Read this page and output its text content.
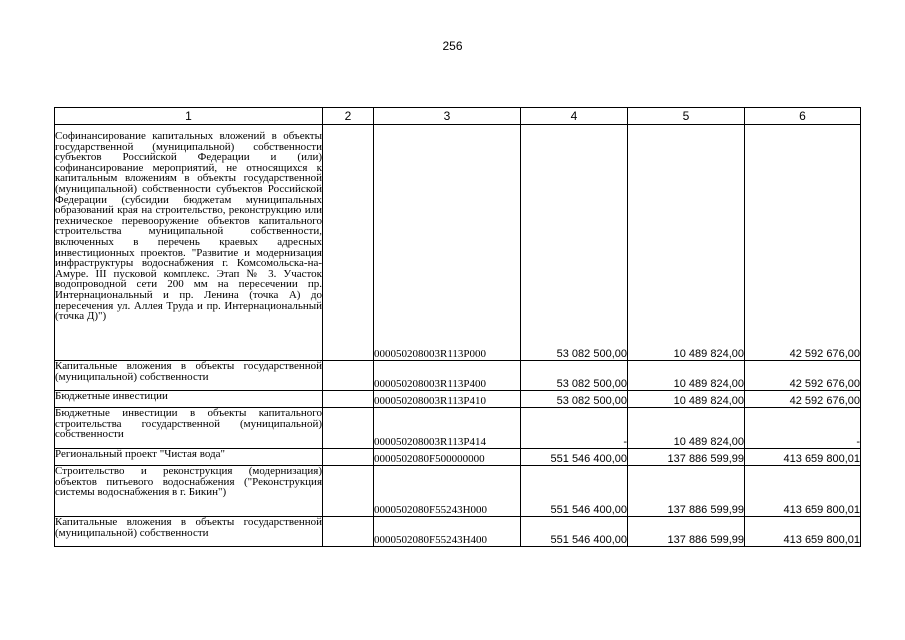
256
1	2	3	4	5	6
Софинансирование капитальных вложений в объекты государственной (муниципальной) собственности субъектов Российской Федерации и (или) софинансирование мероприятий, не относящихся к капитальным вложениям в объекты государственной (муниципальной) собственности субъектов Российской Федерации (субсидии бюджетам муниципальных образований края на строительство, реконструкцию или техническое перевооружение объектов капитального строительства муниципальной собственности, включенных в перечень краевых адресных инвестиционных проектов. "Развитие и модернизация инфраструктуры водоснабжения г. Комсомольска-на-Амуре. III пусковой комплекс. Этап № 3. Участок водопроводной сети 200 мм на пересечении пр. Интернациональный и пр. Ленина (точка А) до пересечения ул. Аллея Труда и пр. Интернациональный (точка Д)")		000050208003R113P000	53 082 500,00	10 489 824,00	42 592 676,00
Капитальные вложения в объекты государственной (муниципальной) собственности		000050208003R113P400	53 082 500,00	10 489 824,00	42 592 676,00
Бюджетные инвестиции		000050208003R113P410	53 082 500,00	10 489 824,00	42 592 676,00
Бюджетные инвестиции в объекты капитального строительства государственной (муниципальной) собственности		000050208003R113P414	-	10 489 824,00	-
Региональный проект "Чистая вода"		0000502080F500000000	551 546 400,00	137 886 599,99	413 659 800,01
Строительство и реконструкция (модернизация) объектов питьевого водоснабжения ("Реконструкция системы водоснабжения в г. Бикин")		0000502080F55243H000	551 546 400,00	137 886 599,99	413 659 800,01
Капитальные вложения в объекты государственной (муниципальной) собственности		0000502080F55243H400	551 546 400,00	137 886 599,99	413 659 800,01
